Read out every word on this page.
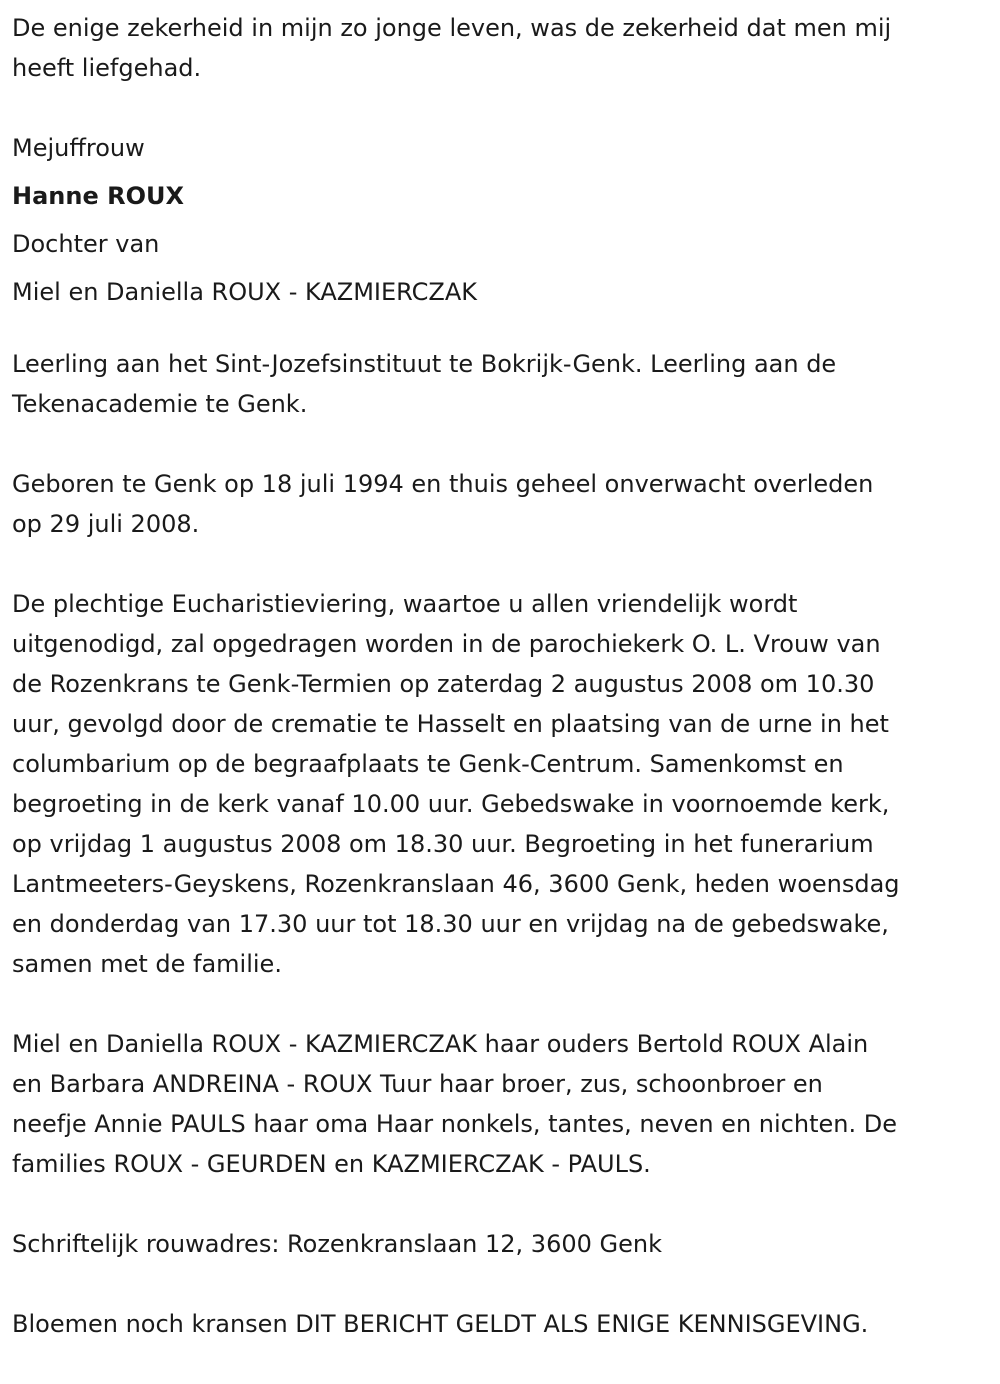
De enige zekerheid in mijn zo jonge leven, was de zekerheid dat men mij
heeft liefgehad.
Mejuffrouw
Hanne ROUX
Dochter van
Miel en Daniella ROUX - KAZMIERCZAK
Leerling aan het Sint-Jozefsinstituut te Bokrijk-Genk. Leerling aan de
Tekenacademie te Genk.
Geboren te Genk op 18 juli 1994 en thuis geheel onverwacht overleden
op 29 juli 2008.
De plechtige Eucharistieviering, waartoe u allen vriendelijk wordt
uitgenodigd, zal opgedragen worden in de parochiekerk O. L. Vrouw van
de Rozenkrans te Genk-Termien op zaterdag 2 augustus 2008 om 10.30
uur, gevolgd door de crematie te Hasselt en plaatsing van de urne in het
columbarium op de begraafplaats te Genk-Centrum. Samenkomst en
begroeting in de kerk vanaf 10.00 uur. Gebedswake in voornoemde kerk,
op vrijdag 1 augustus 2008 om 18.30 uur. Begroeting in het funerarium
Lantmeeters-Geyskens, Rozenkranslaan 46, 3600 Genk, heden woensdag
en donderdag van 17.30 uur tot 18.30 uur en vrijdag na de gebedswake,
samen met de familie.
Miel en Daniella ROUX - KAZMIERCZAK haar ouders Bertold ROUX Alain
en Barbara ANDREINA - ROUX Tuur haar broer, zus, schoonbroer en
neefje Annie PAULS haar oma Haar nonkels, tantes, neven en nichten. De
families ROUX - GEURDEN en KAZMIERCZAK - PAULS.
Schriftelijk rouwadres: Rozenkranslaan 12, 3600 Genk
Bloemen noch kransen DIT BERICHT GELDT ALS ENIGE KENNISGEVING.
